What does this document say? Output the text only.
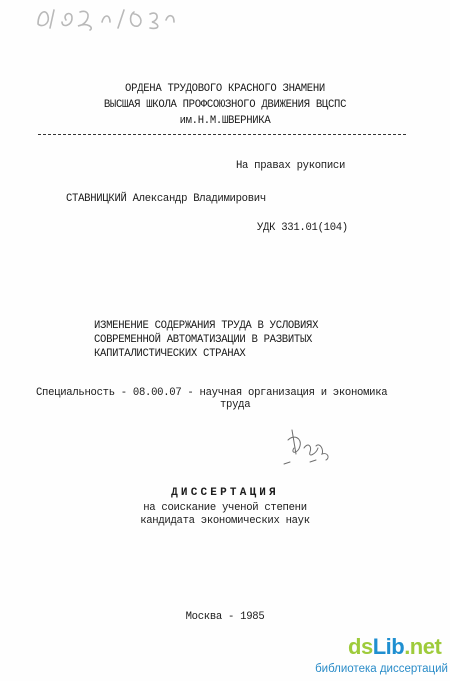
ОРДЕНА ТРУДОВОГО КРАСНОГО ЗНАМЕНИ
ВЫСШАЯ ШКОЛА ПРОФСОЮЗНОГО ДВИЖЕНИЯ ВЦСПС
им.Н.М.ШВЕРНИКА
На правах рукописи
СТАВНИЦКИЙ Александр Владимирович
УДК 331.01(104)
ИЗМЕНЕНИЕ СОДЕРЖАНИЯ ТРУДА В УСЛОВИЯХ
СОВРЕМЕННОЙ АВТОМАТИЗАЦИИ В РАЗВИТЫХ
КАПИТАЛИСТИЧЕСКИХ СТРАНАХ
Специальность - 08.00.07 - научная организация и экономика
труда
ДИССЕРТАЦИЯ
на соискание ученой степени
кандидата экономических наук
Москва - 1985
dsLib.net
библиотека диссертаций
